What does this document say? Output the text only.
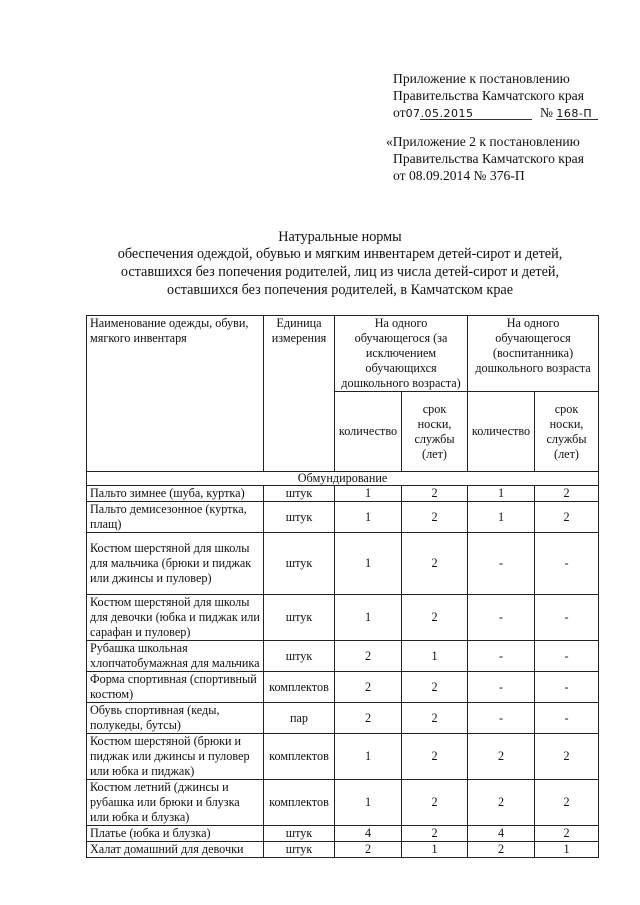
Приложение к постановлению
Правительства Камчатского края
от07.05.2015	№ 168-П
«Приложение 2 к постановлению
Правительства Камчатского края
от 08.09.2014 № 376-П
Натуральные нормы
обеспечения одеждой, обувью и мягким инвентарем детей-сирот и детей,
оставшихся без попечения родителей, лиц из числа детей-сирот и детей,
оставшихся без попечения родителей, в Камчатском крае
Наименование одежды, обуви, мягкого инвентаря	Единица измерения	На одного обучающегося (за исключением обучающихся дошкольного возраста)		На одного обучающегося (воспитанника) дошкольного возраста	
		количество	срок носки, службы (лет)	количество	срок носки, службы (лет)
Обмундирование					
Пальто зимнее (шуба, куртка)	штук	1	2	1	2
Пальто демисезонное (куртка, плащ)	штук	1	2	1	2
Костюм шерстяной для школы для мальчика (брюки и пиджак или джинсы и пуловер)	штук	1	2	-	-
Костюм шерстяной для школы для девочки (юбка и пиджак или сарафан и пуловер)	штук	1	2	-	-
Рубашка школьная хлопчатобумажная для мальчика	штук	2	1	-	-
Форма спортивная (спортивный костюм)	комплектов	2	2	-	-
Обувь спортивная (кеды, полукеды, бутсы)	пар	2	2	-	-
Костюм шерстяной (брюки и пиджак или джинсы и пуловер или юбка и пиджак)	комплектов	1	2	2	2
Костюм летний (джинсы и рубашка или брюки и блузка или юбка и блузка)	комплектов	1	2	2	2
Платье (юбка и блузка)	штук	4	2	4	2
Халат домашний для девочки	штук	2	1	2	1
